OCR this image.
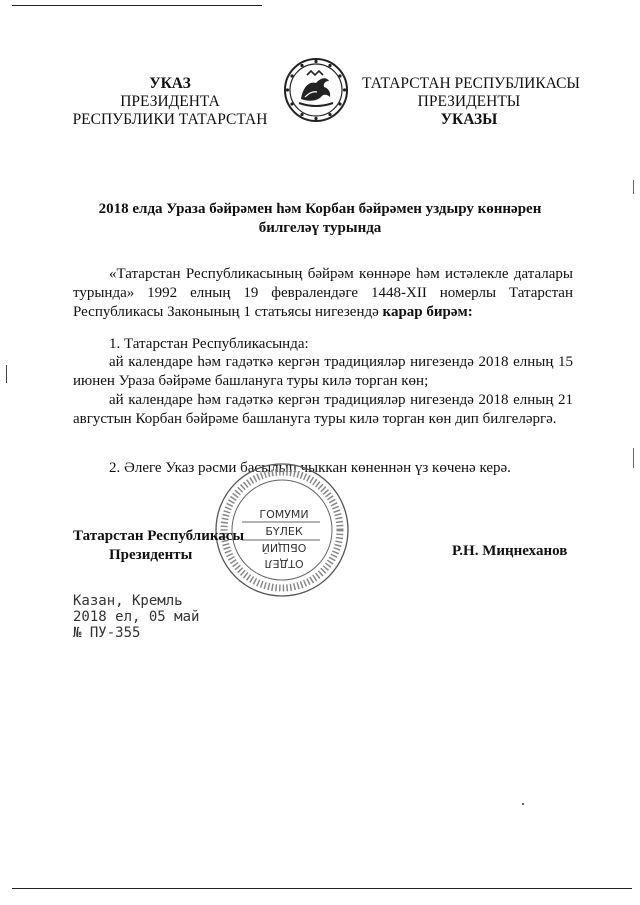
УКАЗ
ПРЕЗИДЕНТА
РЕСПУБЛИКИ ТАТАРСТАН
ТАТАРСТАН РЕСПУБЛИКАСЫ
ПРЕЗИДЕНТЫ
УКАЗЫ
2018 елда Ураза бәйрәмен һәм Корбан бәйрәмен уздыру көннәрен
билгеләү турында
«Татарстан Республикасының бәйрәм көннәре һәм истәлекле даталары турында» 1992 елның 19 февралендәге 1448-XII номерлы Татарстан Республикасы Законының 1 статьясы нигезендә карар бирәм:
1. Татарстан Республикасында:
ай календаре һәм гадәткә кергән традицияләр нигезендә 2018 елның 15 июнен Ураза бәйрәме башлануга туры килә торган көн;
ай календаре һәм гадәткә кергән традицияләр нигезендә 2018 елның 21 августын Корбан бәйрәме башлануга туры килә торган көн дип билгеләргә.
2. Әлеге Указ рәсми басылып чыккан көненнән үз көченә керә.
ГОМУМИ
БҮЛЕК
ОБЩИЙ
ОТДЕЛ
Татарстан Республикасы
Президенты	Р.Н. Миңнеханов
Казан, Кремль
2018 ел, 05 май
№ ПУ-355
